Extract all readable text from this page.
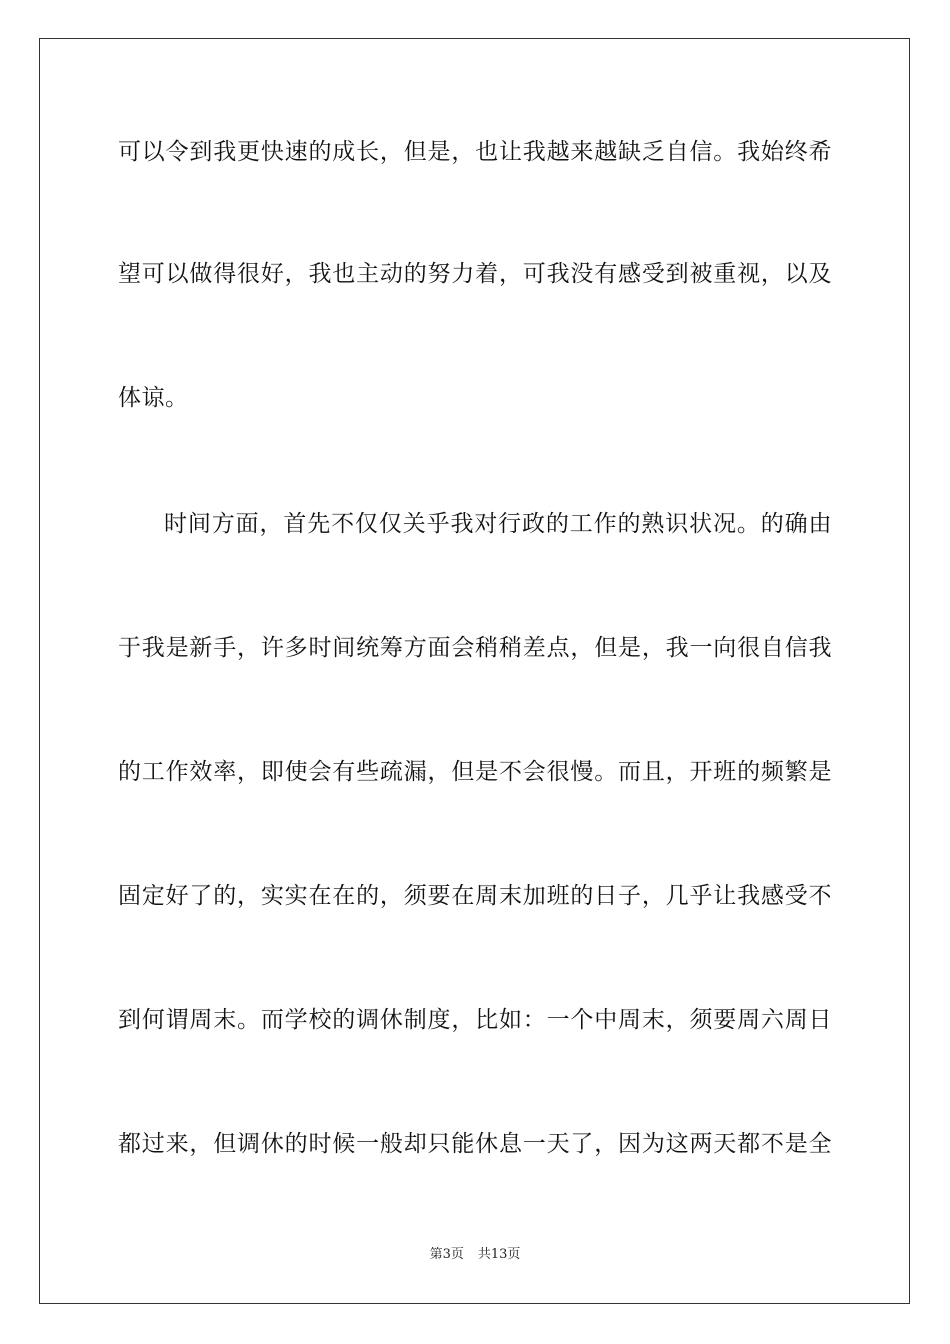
可以令到我更快速的成长，但是，也让我越来越缺乏自信。我始终希
望可以做得很好，我也主动的努力着，可我没有感受到被重视，以及
体谅。
时间方面，首先不仅仅关乎我对行政的工作的熟识状况。的确由
于我是新手，许多时间统筹方面会稍稍差点，但是，我一向很自信我
的工作效率，即使会有些疏漏，但是不会很慢。而且，开班的频繁是
固定好了的，实实在在的，须要在周末加班的日子，几乎让我感受不
到何谓周末。而学校的调休制度，比如：一个中周末，须要周六周日
都过来，但调休的时候一般却只能休息一天了，因为这两天都不是全
第3页 共13页
